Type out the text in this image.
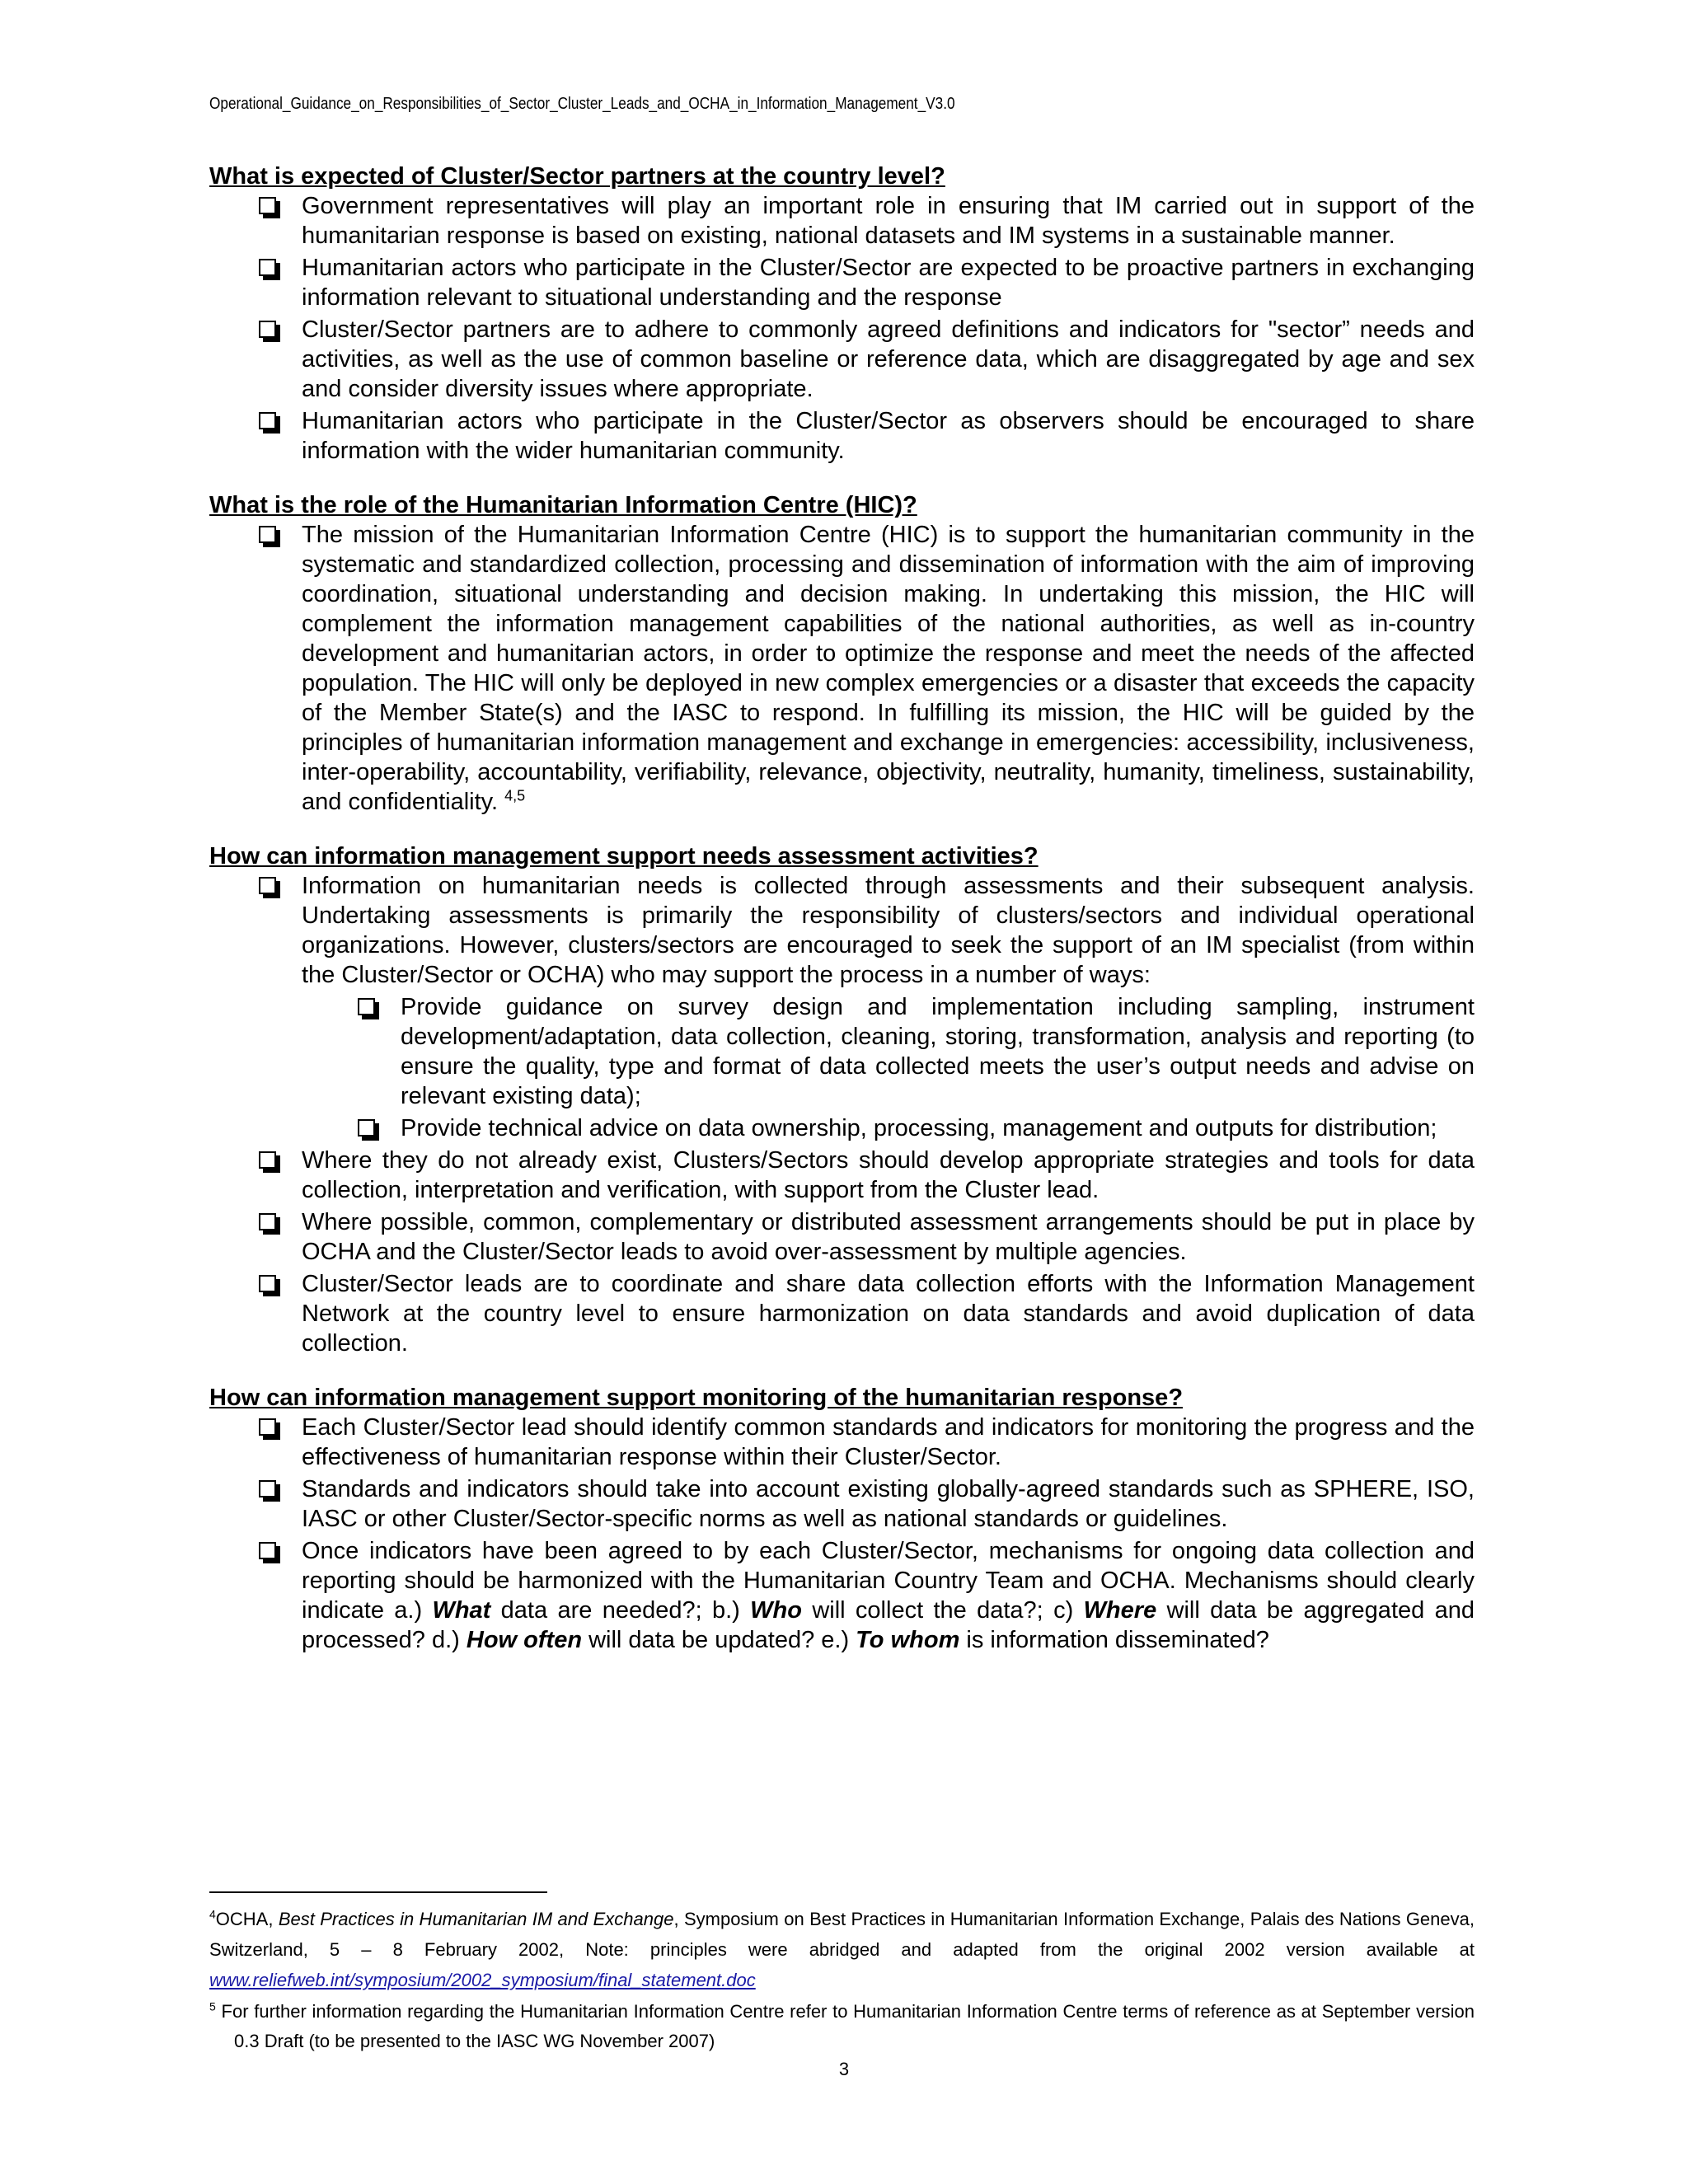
Operational_Guidance_on_Responsibilities_of_Sector_Cluster_Leads_and_OCHA_in_Information_Management_V3.0

What is expected of Cluster/Sector partners at the country level?

Government representatives will play an important role in ensuring that IM carried out in support of the humanitarian response is based on existing, national datasets and IM systems in a sustainable manner.

Humanitarian actors who participate in the Cluster/Sector are expected to be proactive partners in exchanging information relevant to situational understanding and the response

Cluster/Sector partners are to adhere to commonly agreed definitions and indicators for "sector” needs and activities, as well as the use of common baseline or reference data, which are disaggregated by age and sex and consider diversity issues where appropriate.

Humanitarian actors who participate in the Cluster/Sector as observers should be encouraged to share information with the wider humanitarian community.

What is the role of the Humanitarian Information Centre (HIC)?

The mission of the Humanitarian Information Centre (HIC) is to support the humanitarian community in the systematic and standardized collection, processing and dissemination of information with the aim of improving coordination, situational understanding and decision making. In undertaking this mission, the HIC will complement the information management capabilities of the national authorities, as well as in-country development and humanitarian actors, in order to optimize the response and meet the needs of the affected population. The HIC will only be deployed in new complex emergencies or a disaster that exceeds the capacity of the Member State(s) and the IASC to respond. In fulfilling its mission, the HIC will be guided by the principles of humanitarian information management and exchange in emergencies: accessibility, inclusiveness, inter-operability, accountability, verifiability, relevance, objectivity, neutrality, humanity, timeliness, sustainability, and confidentiality. $^{4,5}$

How can information management support needs assessment activities?

Information on humanitarian needs is collected through assessments and their subsequent analysis. Undertaking assessments is primarily the responsibility of clusters/sectors and individual operational organizations. However, clusters/sectors are encouraged to seek the support of an IM specialist (from within the Cluster/Sector or OCHA) who may support the process in a number of ways:

Provide guidance on survey design and implementation including sampling, instrument development/adaptation, data collection, cleaning, storing, transformation, analysis and reporting (to ensure the quality, type and format of data collected meets the user’s output needs and advise on relevant existing data);

Provide technical advice on data ownership, processing, management and outputs for distribution;

Where they do not already exist, Clusters/Sectors should develop appropriate strategies and tools for data collection, interpretation and verification, with support from the Cluster lead.

Where possible, common, complementary or distributed assessment arrangements should be put in place by OCHA and the Cluster/Sector leads to avoid over-assessment by multiple agencies.

Cluster/Sector leads are to coordinate and share data collection efforts with the Information Management Network at the country level to ensure harmonization on data standards and avoid duplication of data collection.

How can information management support monitoring of the humanitarian response?

Each Cluster/Sector lead should identify common standards and indicators for monitoring the progress and the effectiveness of humanitarian response within their Cluster/Sector.

Standards and indicators should take into account existing globally-agreed standards such as SPHERE, ISO, IASC or other Cluster/Sector-specific norms as well as national standards or guidelines.

Once indicators have been agreed to by each Cluster/Sector, mechanisms for ongoing data collection and reporting should be harmonized with the Humanitarian Country Team and OCHA. Mechanisms should clearly indicate a.) What data are needed?; b.) Who will collect the data?; c) Where will data be aggregated and processed? d.) How often will data be updated? e.) To whom is information disseminated?

$^4$OCHA, Best Practices in Humanitarian IM and Exchange, Symposium on Best Practices in Humanitarian Information Exchange, Palais des Nations Geneva, Switzerland, 5 – 8 February 2002, Note: principles were abridged and adapted from the original 2002 version available at www.reliefweb.int/symposium/2002_symposium/final_statement.doc

$^5$ For further information regarding the Humanitarian Information Centre refer to Humanitarian Information Centre terms of reference as at September version 0.3 Draft (to be presented to the IASC WG November 2007)

3
